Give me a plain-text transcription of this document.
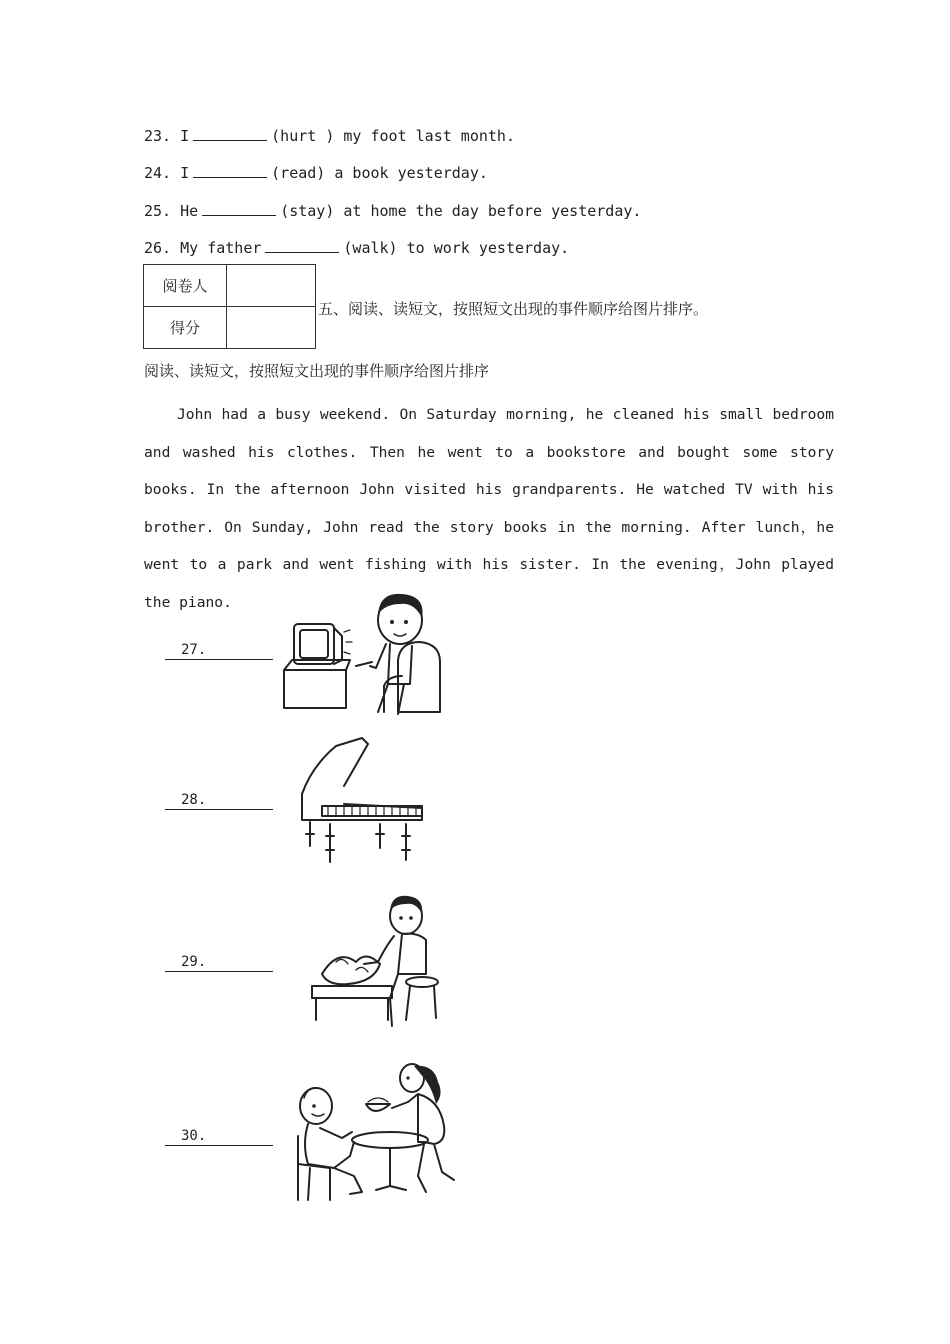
23. I	(hurt ) my foot last month.
24. I	(read) a book yesterday.
25. He	(stay) at home the day before yesterday.
26. My father	(walk) to work yesterday.
阅卷人	
得分	
五、阅读、读短文，按照短文出现的事件顺序给图片排序。
阅读、读短文，按照短文出现的事件顺序给图片排序
John had a busy weekend. On Saturday morning, he cleaned his small bedroom and washed his clothes. Then he went to a bookstore and bought some story books. In the afternoon John visited his grandparents. He watched TV with his brother. On Sunday, John read the story books in the morning. After lunch，he went to a park and went fishing with his sister. In the evening，John played the piano.
27.
28.
29.
30.
